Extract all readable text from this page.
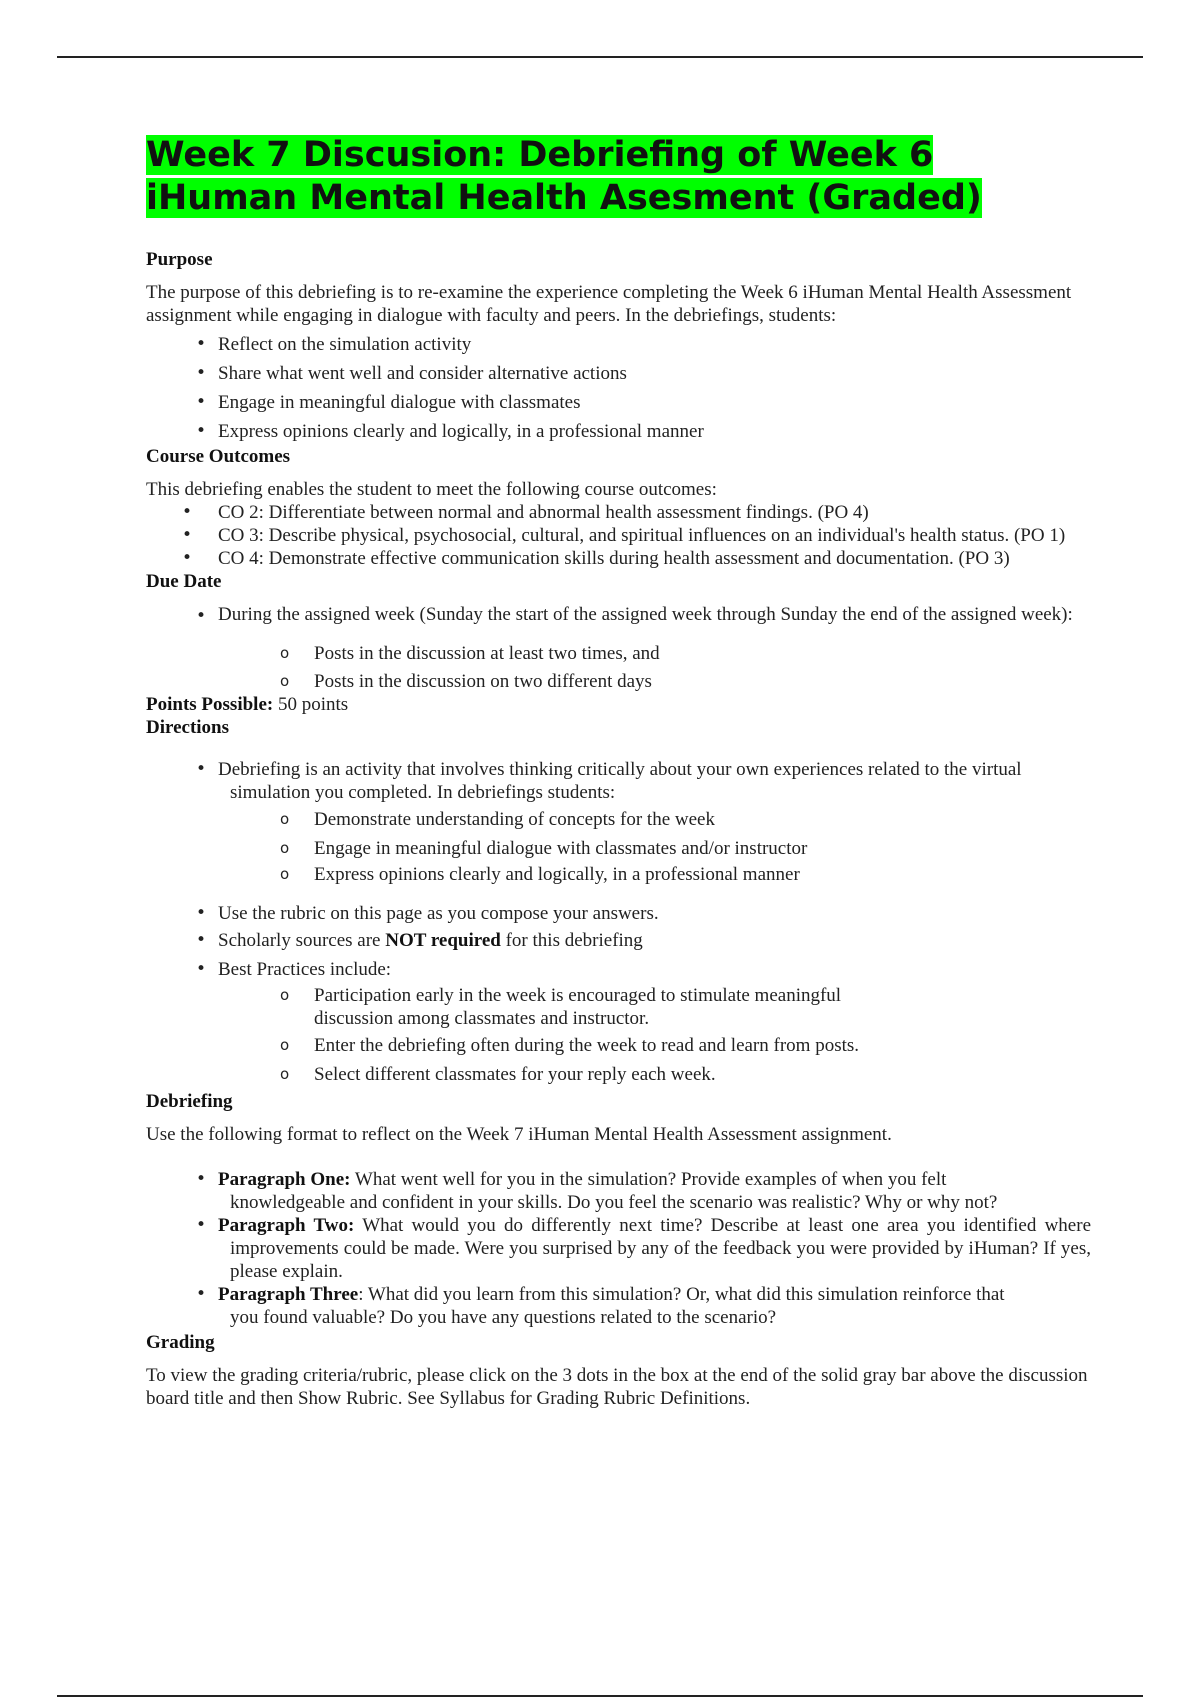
Week 7 Discusion: Debriefing of Week 6
iHuman Mental Health Asesment (Graded)
Purpose

The purpose of this debriefing is to re-examine the experience completing the Week 6 iHuman Mental Health Assessment assignment while engaging in dialogue with faculty and peers. In the debriefings, students:

• Reflect on the simulation activity
• Share what went well and consider alternative actions
• Engage in meaningful dialogue with classmates
• Express opinions clearly and logically, in a professional manner
Course Outcomes

This debriefing enables the student to meet the following course outcomes:

• CO 2: Differentiate between normal and abnormal health assessment findings. (PO 4)
• CO 3: Describe physical, psychosocial, cultural, and spiritual influences on an individual's health status. (PO 1)
• CO 4: Demonstrate effective communication skills during health assessment and documentation. (PO 3)
Due Date
• During the assigned week (Sunday the start of the assigned week through Sunday the end of the assigned week):
o Posts in the discussion at least two times, and
o Posts in the discussion on two different days

Points Possible: 50 points

Directions
• Debriefing is an activity that involves thinking critically about your own experiences related to the virtual simulation you completed. In debriefings students:
o Demonstrate understanding of concepts for the week
o Engage in meaningful dialogue with classmates and/or instructor
o Express opinions clearly and logically, in a professional manner
• Use the rubric on this page as you compose your answers.
• Scholarly sources are NOT required for this debriefing
• Best Practices include:
o Participation early in the week is encouraged to stimulate meaningful discussion among classmates and instructor.
o Enter the debriefing often during the week to read and learn from posts.
o Select different classmates for your reply each week.
Debriefing

Use the following format to reflect on the Week 7 iHuman Mental Health Assessment assignment.

• Paragraph One: What went well for you in the simulation? Provide examples of when you felt knowledgeable and confident in your skills. Do you feel the scenario was realistic? Why or why not?
• Paragraph Two: What would you do differently next time? Describe at least one area you identified where improvements could be made. Were you surprised by any of the feedback you were provided by iHuman? If yes, please explain.
• Paragraph Three: What did you learn from this simulation? Or, what did this simulation reinforce that you found valuable? Do you have any questions related to the scenario?
Grading

To view the grading criteria/rubric, please click on the 3 dots in the box at the end of the solid gray bar above the discussion board title and then Show Rubric. See Syllabus for Grading Rubric Definitions.
